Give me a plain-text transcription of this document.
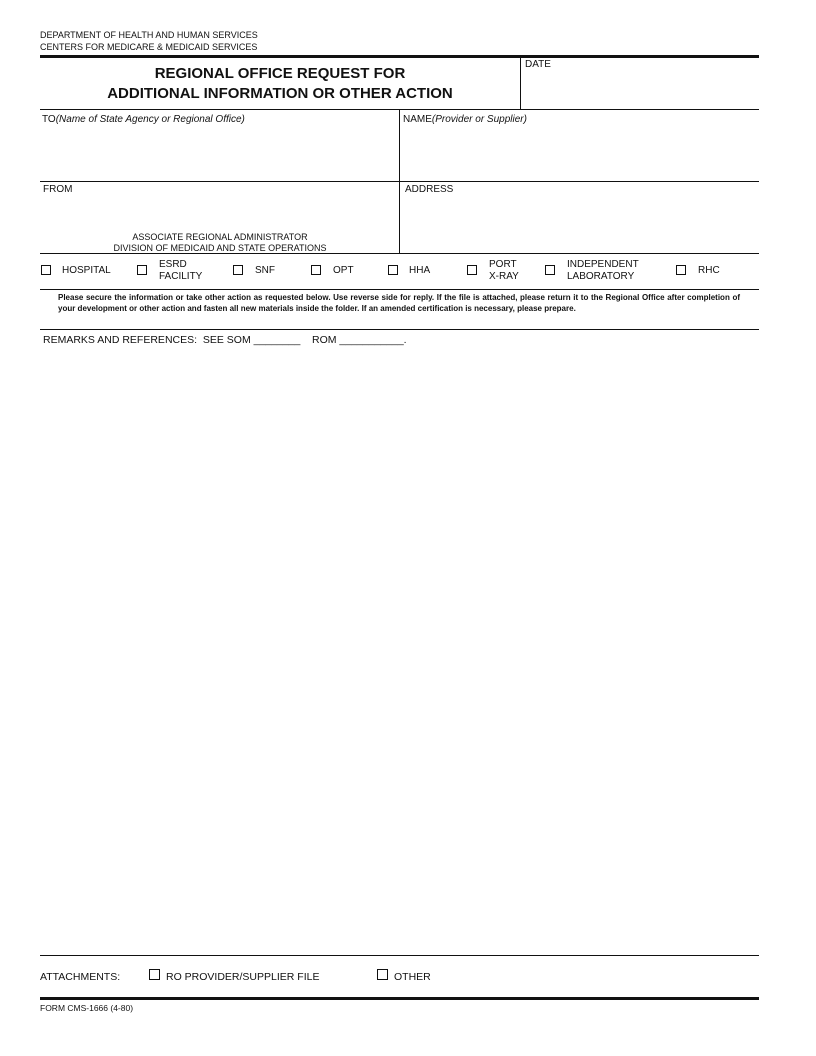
DEPARTMENT OF HEALTH AND HUMAN SERVICES
CENTERS FOR MEDICARE & MEDICAID SERVICES
REGIONAL OFFICE REQUEST FOR
ADDITIONAL INFORMATION OR OTHER ACTION
DATE
TO(Name of State Agency or Regional Office)	NAME(Provider or Supplier)
FROM
ASSOCIATE REGIONAL ADMINISTRATOR
DIVISION OF MEDICAID AND STATE OPERATIONS
ADDRESS
HOSPITAL
ESRD
FACILITY
SNF	OPT	HHA
PORT
X-RAY
INDEPENDENT
LABORATORY
RHC
Please secure the information or take other action as requested below. Use reverse side for reply. If the file is attached, please return it to the Regional Office after completion of your development or other action and fasten all new materials inside the folder. If an amended certification is necessary, please prepare.
REMARKS AND REFERENCES:  SEE SOM ________    ROM ___________.
ATTACHMENTS:	RO PROVIDER/SUPPLIER FILE	OTHER
FORM CMS-1666 (4-80)
